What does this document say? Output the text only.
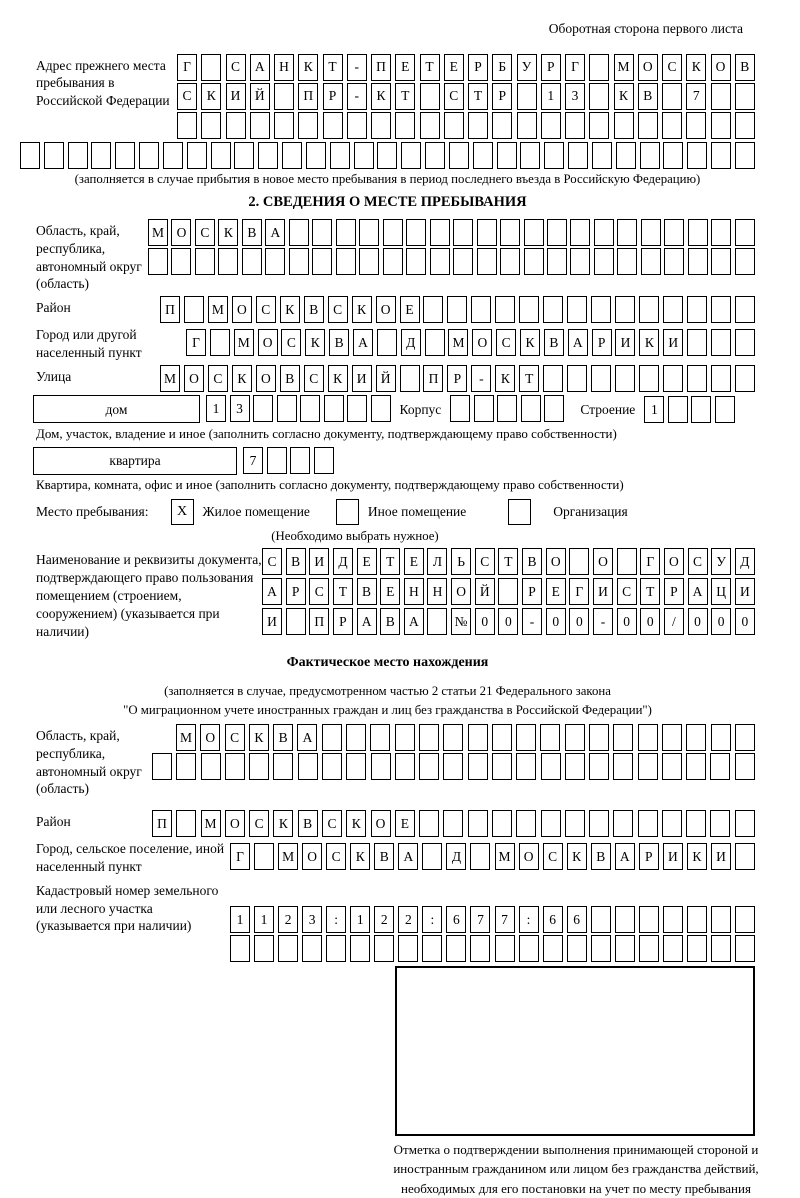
Оборотная сторона первого листа
Адрес прежнего места пребывания в Российской Федерации
Г	С	А	Н	К	Т	-	П	Е	Т	Е	Р	Б	У	Р	Г	М О	С	К	О	В
С	К	И	Й	П	Р	-	К	Т	С	Т	Р	1	3	К	В	7
(заполняется в случае прибытия в новое место пребывания в период последнего въезда в Российскую Федерацию)
2. СВЕДЕНИЯ О МЕСТЕ ПРЕБЫВАНИЯ
Область, край, республика, автономный округ (область)
М О	С	К	В	А
Район	П	М О	С	К	В	С	К	О	Е
Город или другой населенный пункт
Г	М О	С	К	В	А	Д	М О	С	К	В	А	Р	И	К	И
Улица	М О	С	К	О	В	С	К	И	Й	П	Р	-	К	Т
дом	1	3	Корпус	Строение	1
Дом, участок, владение и иное (заполнить согласно документу, подтверждающему право собственности)
квартира	7
Квартира, комната, офис и иное (заполнить согласно документу, подтверждающему право собственности)
Место пребывания:	X	Жилое помещение	Иное помещение	Организация
(Необходимо выбрать нужное)
Наименование и реквизиты документа, подтверждающего право пользования помещением (строением, сооружением) (указывается при наличии)
С	В	И	Д	Е	Т	Е	Л	Ь	С	Т	В	О	О	Г	О	С	У	Д
А	Р	С	Т	В	Е	Н	Н	О	Й	Р	Е	Г	И	С	Т	Р	А	Ц	И
И	П	Р	А	В	А	№	0	0	-	0	0	-	0	0	/	0	0	0
Фактическое место нахождения
(заполняется в случае, предусмотренном частью 2 статьи 21 Федерального закона
"О миграционном учете иностранных граждан и лиц без гражданства в Российской Федерации")
Область, край, республика, автономный округ (область)
М О	С	К	В	А
Район	П	М О	С	К	В	С	К	О	Е
Город, сельское поселение, иной населенный пункт
Г	М О	С	К	В	А	Д	М О	С	К	В	А	Р	И	К	И
Кадастровый номер земельного или лесного участка (указывается при наличии)	1	1	2	3	:	1	2	2	:	6	7	7	:	6	6
Отметка о подтверждении выполнения принимающей стороной и иностранным гражданином или лицом без гражданства действий, необходимых для его постановки на учет по месту пребывания
